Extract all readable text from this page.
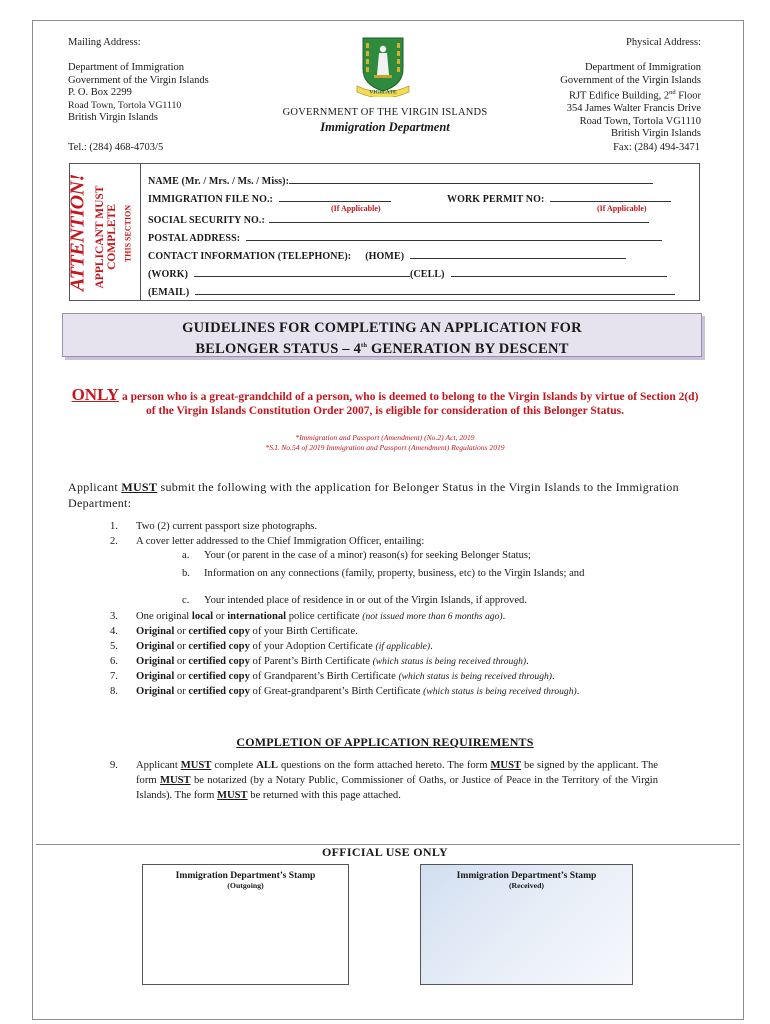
Mailing Address:
Department of Immigration
Government of the Virgin Islands
P. O. Box 2299
Road Town, Tortola VG1110
British Virgin Islands
Physical Address:
Department of Immigration
Government of the Virgin Islands
RJT Edifice Building, 2nd Floor
354 James Walter Francis Drive
Road Town, Tortola VG1110
British Virgin Islands
VIGILATE
GOVERNMENT OF THE VIRGIN ISLANDS
Immigration Department
Tel.: (284) 468-4703/5	Fax: (284) 494-3471
ATTENTION! APPLICANT MUST COMPLETE THIS SECTION
NAME (Mr. / Mrs. / Ms. / Miss):
IMMIGRATION FILE NO.:	WORK PERMIT NO:
(If Applicable)	(If Applicable)
SOCIAL SECURITY NO.:
POSTAL ADDRESS:
CONTACT INFORMATION (TELEPHONE): (HOME)
(WORK)	(CELL)
(EMAIL)
GUIDELINES FOR COMPLETING AN APPLICATION FOR
BELONGER STATUS – 4th GENERATION BY DESCENT
ONLY a person who is a great-grandchild of a person, who is deemed to belong to the Virgin Islands by virtue of Section 2(d) of the Virgin Islands Constitution Order 2007, is eligible for consideration of this Belonger Status.
*Immigration and Passport (Amendment) (No.2) Act, 2019
*S.I. No.54 of 2019 Immigration and Passport (Amendment) Regulations 2019
Applicant MUST submit the following with the application for Belonger Status in the Virgin Islands to the Immigration Department:
1. Two (2) current passport size photographs.
2. A cover letter addressed to the Chief Immigration Officer, entailing:
a. Your (or parent in the case of a minor) reason(s) for seeking Belonger Status;
b. Information on any connections (family, property, business, etc) to the Virgin Islands; and
c. Your intended place of residence in or out of the Virgin Islands, if approved.
3. One original local or international police certificate (not issued more than 6 months ago).
4. Original or certified copy of your Birth Certificate.
5. Original or certified copy of your Adoption Certificate (if applicable).
6. Original or certified copy of Parent’s Birth Certificate (which status is being received through).
7. Original or certified copy of Grandparent’s Birth Certificate (which status is being received through).
8. Original or certified copy of Great-grandparent’s Birth Certificate (which status is being received through).
COMPLETION OF APPLICATION REQUIREMENTS
9. Applicant MUST complete ALL questions on the form attached hereto. The form MUST be signed by the applicant. The form MUST be notarized (by a Notary Public, Commissioner of Oaths, or Justice of Peace in the Territory of the Virgin Islands). The form MUST be returned with this page attached.
OFFICIAL USE ONLY
Immigration Department’s Stamp
(Outgoing)
Immigration Department’s Stamp
(Received)
